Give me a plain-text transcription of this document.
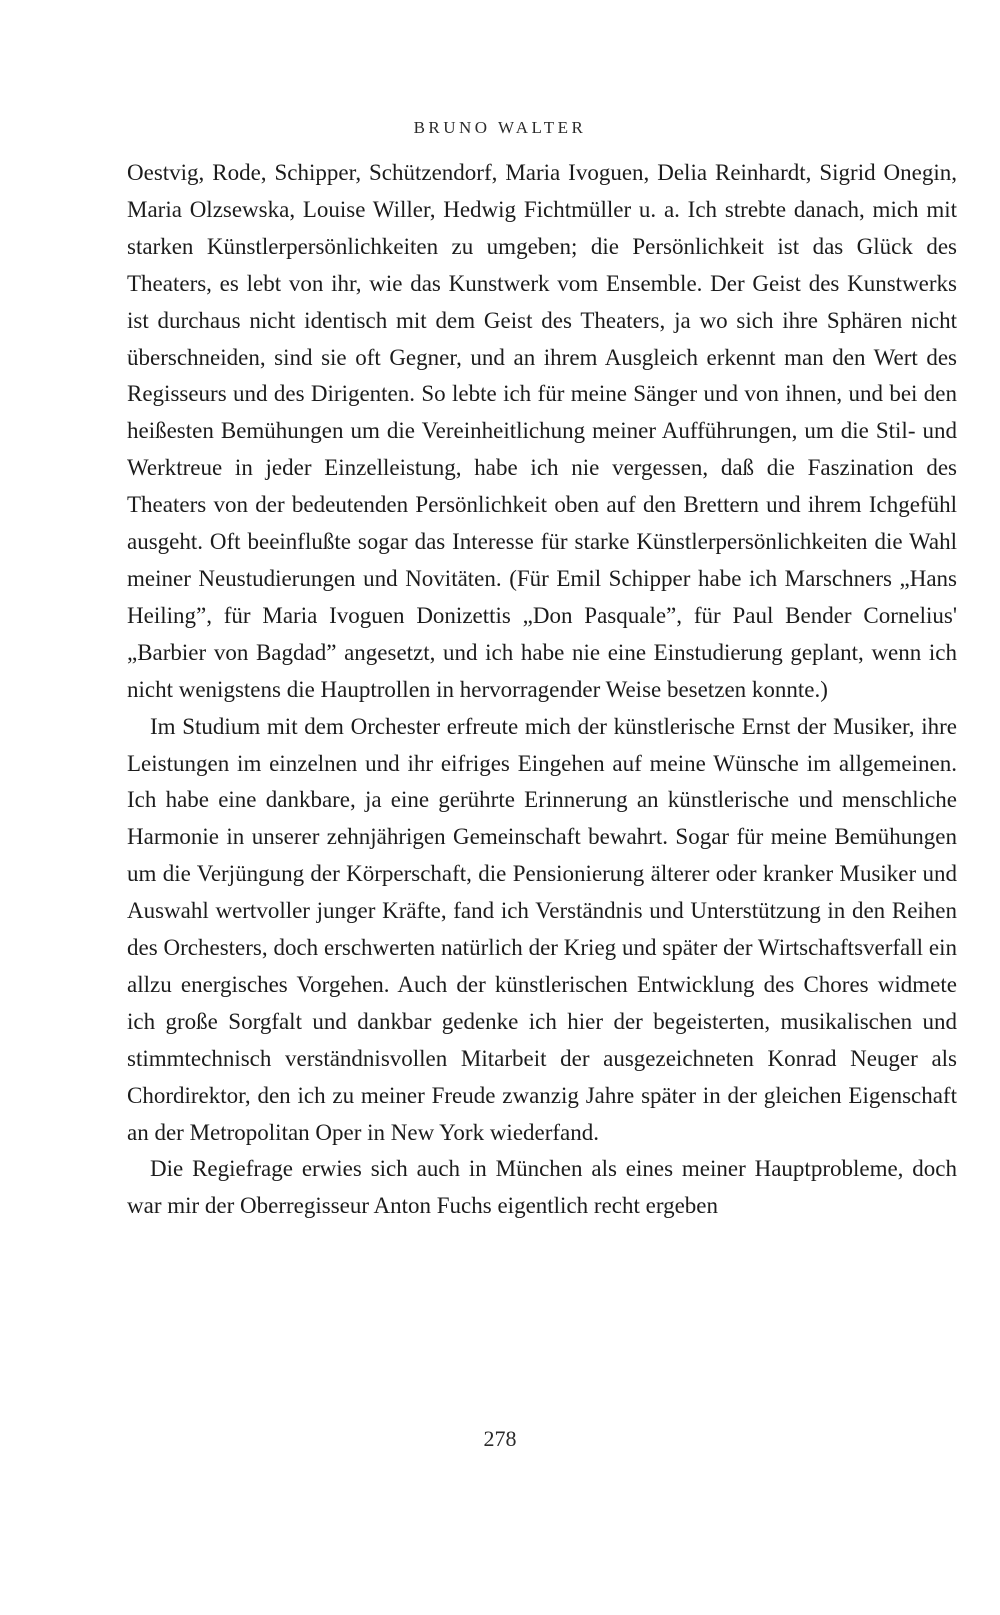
BRUNO WALTER

Oestvig, Rode, Schipper, Schützendorf, Maria Ivoguen, Delia Reinhardt, Sigrid Onegin, Maria Olzsewska, Louise Willer, Hedwig Fichtmüller u. a. Ich strebte danach, mich mit starken Künstlerpersönlichkeiten zu umgeben; die Persönlichkeit ist das Glück des Theaters, es lebt von ihr, wie das Kunstwerk vom Ensemble. Der Geist des Kunstwerks ist durchaus nicht identisch mit dem Geist des Theaters, ja wo sich ihre Sphären nicht überschneiden, sind sie oft Gegner, und an ihrem Ausgleich erkennt man den Wert des Regisseurs und des Dirigenten. So lebte ich für meine Sänger und von ihnen, und bei den heißesten Bemühungen um die Vereinheitlichung meiner Aufführungen, um die Stil- und Werktreue in jeder Einzelleistung, habe ich nie vergessen, daß die Faszination des Theaters von der bedeutenden Persönlichkeit oben auf den Brettern und ihrem Ichgefühl ausgeht. Oft beeinflußte sogar das Interesse für starke Künstlerpersönlichkeiten die Wahl meiner Neustudierungen und Novitäten. (Für Emil Schipper habe ich Marschners „Hans Heiling”, für Maria Ivoguen Donizettis „Don Pasquale”, für Paul Bender Cornelius' „Barbier von Bagdad” angesetzt, und ich habe nie eine Einstudierung geplant, wenn ich nicht wenigstens die Hauptrollen in hervorragender Weise besetzen konnte.)

Im Studium mit dem Orchester erfreute mich der künstlerische Ernst der Musiker, ihre Leistungen im einzelnen und ihr eifriges Eingehen auf meine Wünsche im allgemeinen. Ich habe eine dankbare, ja eine gerührte Erinnerung an künstlerische und menschliche Harmonie in unserer zehnjährigen Gemeinschaft bewahrt. Sogar für meine Bemühungen um die Verjüngung der Körperschaft, die Pensionierung älterer oder kranker Musiker und Auswahl wertvoller junger Kräfte, fand ich Verständnis und Unterstützung in den Reihen des Orchesters, doch erschwerten natürlich der Krieg und später der Wirtschaftsverfall ein allzu energisches Vorgehen. Auch der künstlerischen Entwicklung des Chores widmete ich große Sorgfalt und dankbar gedenke ich hier der begeisterten, musikalischen und stimmtechnisch verständnisvollen Mitarbeit der ausgezeichneten Konrad Neuger als Chordirektor, den ich zu meiner Freude zwanzig Jahre später in der gleichen Eigenschaft an der Metropolitan Oper in New York wiederfand.

Die Regiefrage erwies sich auch in München als eines meiner Hauptprobleme, doch war mir der Oberregisseur Anton Fuchs eigentlich recht ergeben

278
